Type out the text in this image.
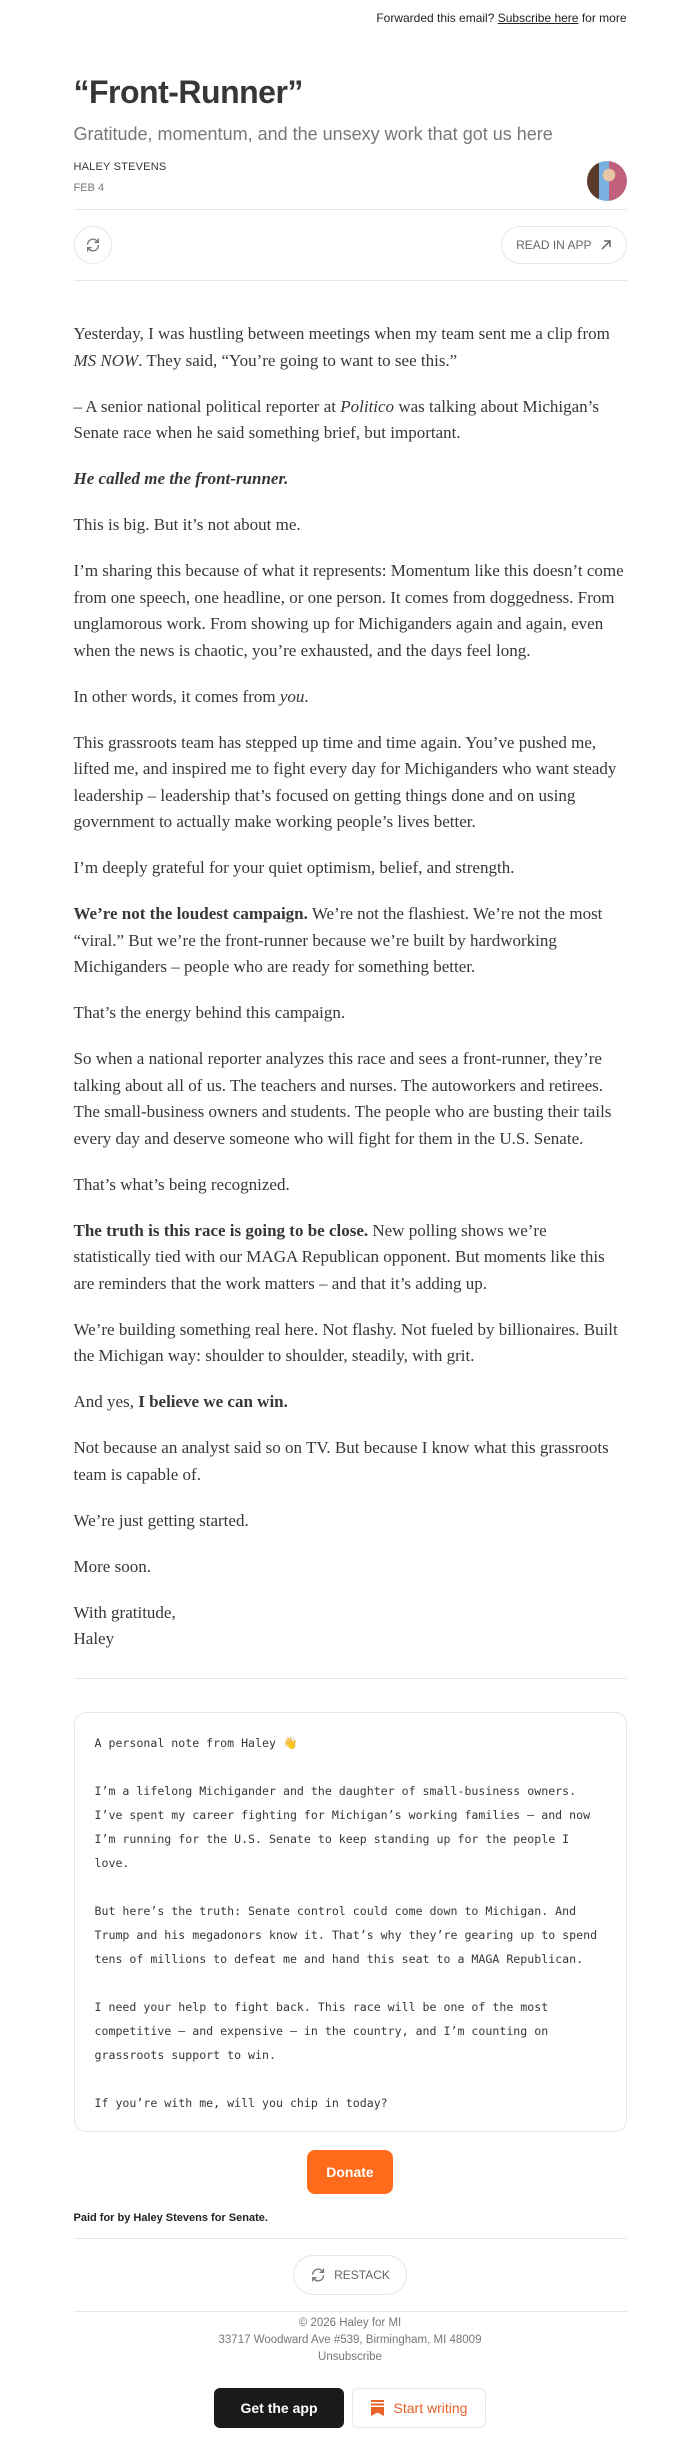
Forwarded this email? Subscribe here for more
“Front-Runner”
Gratitude, momentum, and the unsexy work that got us here
HALEY STEVENS
FEB 4
READ IN APP

Yesterday, I was hustling between meetings when my team sent me a clip from MS NOW. They said, “You’re going to want to see this.”

– A senior national political reporter at Politico was talking about Michigan’s Senate race when he said something brief, but important.

He called me the front-runner.

This is big. But it’s not about me.

I’m sharing this because of what it represents: Momentum like this doesn’t come from one speech, one headline, or one person. It comes from doggedness. From unglamorous work. From showing up for Michiganders again and again, even when the news is chaotic, you’re exhausted, and the days feel long.

In other words, it comes from you.

This grassroots team has stepped up time and time again. You’ve pushed me, lifted me, and inspired me to fight every day for Michiganders who want steady leadership – leadership that’s focused on getting things done and on using government to actually make working people’s lives better.

I’m deeply grateful for your quiet optimism, belief, and strength.

We’re not the loudest campaign. We’re not the flashiest. We’re not the most “viral.” But we’re the front-runner because we’re built by hardworking Michiganders – people who are ready for something better.

That’s the energy behind this campaign.

So when a national reporter analyzes this race and sees a front-runner, they’re talking about all of us. The teachers and nurses. The autoworkers and retirees. The small-business owners and students. The people who are busting their tails every day and deserve someone who will fight for them in the U.S. Senate.

That’s what’s being recognized.

The truth is this race is going to be close. New polling shows we’re statistically tied with our MAGA Republican opponent. But moments like this are reminders that the work matters – and that it’s adding up.

We’re building something real here. Not flashy. Not fueled by billionaires. Built the Michigan way: shoulder to shoulder, steadily, with grit.

And yes, I believe we can win.

Not because an analyst said so on TV. But because I know what this grassroots team is capable of.

We’re just getting started.

More soon.

With gratitude,
Haley

A personal note from Haley 👋

I’m a lifelong Michigander and the daughter of small-business owners. I’ve spent my career fighting for Michigan’s working families – and now I’m running for the U.S. Senate to keep standing up for the people I love.

But here’s the truth: Senate control could come down to Michigan. And Trump and his megadonors know it. That’s why they’re gearing up to spend tens of millions to defeat me and hand this seat to a MAGA Republican.

I need your help to fight back. This race will be one of the most competitive – and expensive – in the country, and I’m counting on grassroots support to win.

If you’re with me, will you chip in today?

Donate
Paid for by Haley Stevens for Senate.
RESTACK
© 2026 Haley for MI
33717 Woodward Ave #539, Birmingham, MI 48009
Unsubscribe
Get the app	Start writing
